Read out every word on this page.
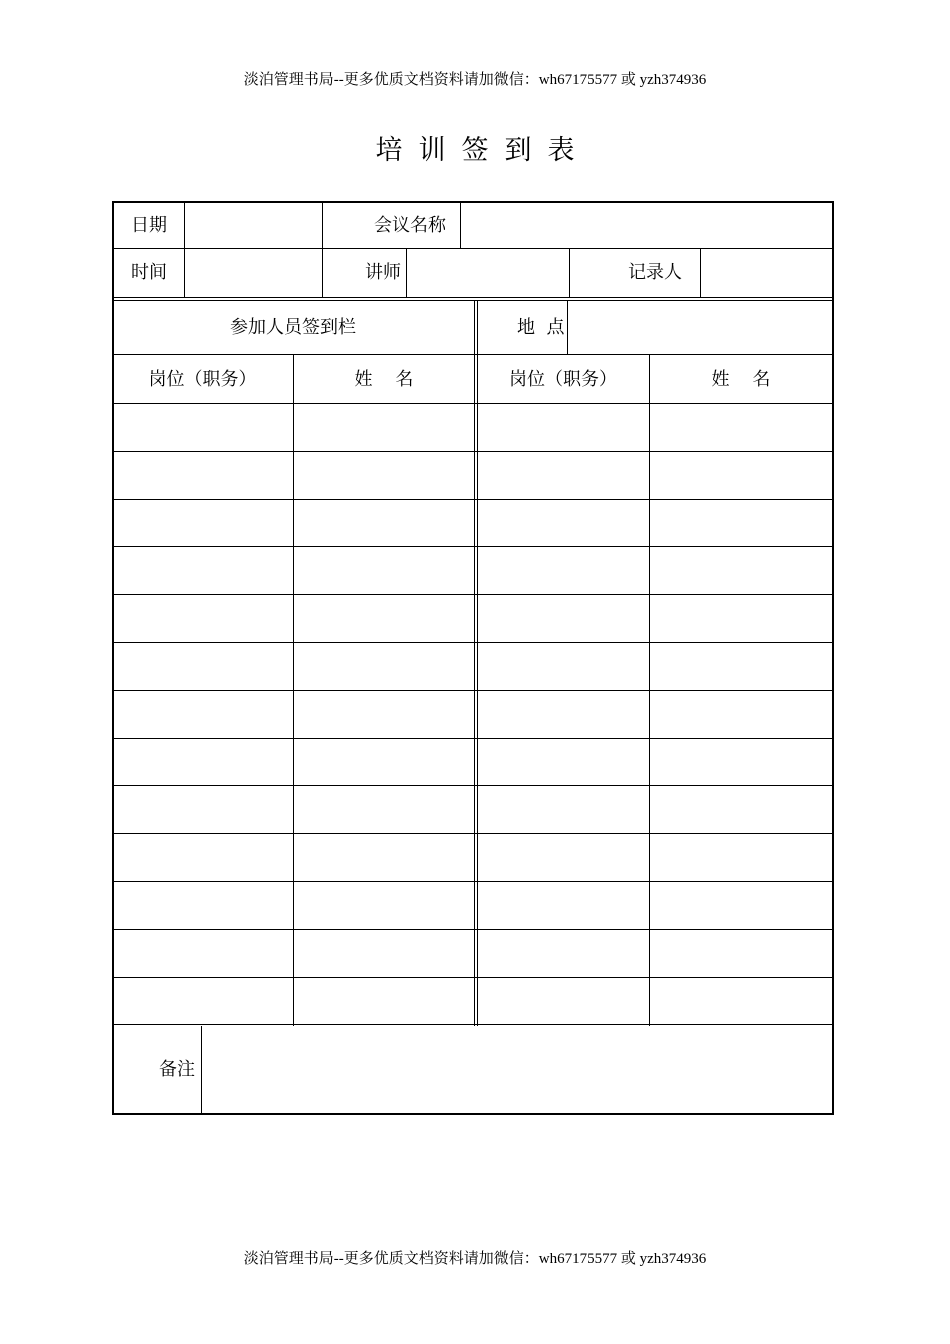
淡泊管理书局--更多优质文档资料请加微信：wh67175577 或 yzh374936
培训签到表
日期	会议名称
时间	讲师	记录人
参加人员签到栏	地  点
岗位（职务）	姓    名	岗位（职务）	姓    名
备注
淡泊管理书局--更多优质文档资料请加微信：wh67175577 或 yzh374936
